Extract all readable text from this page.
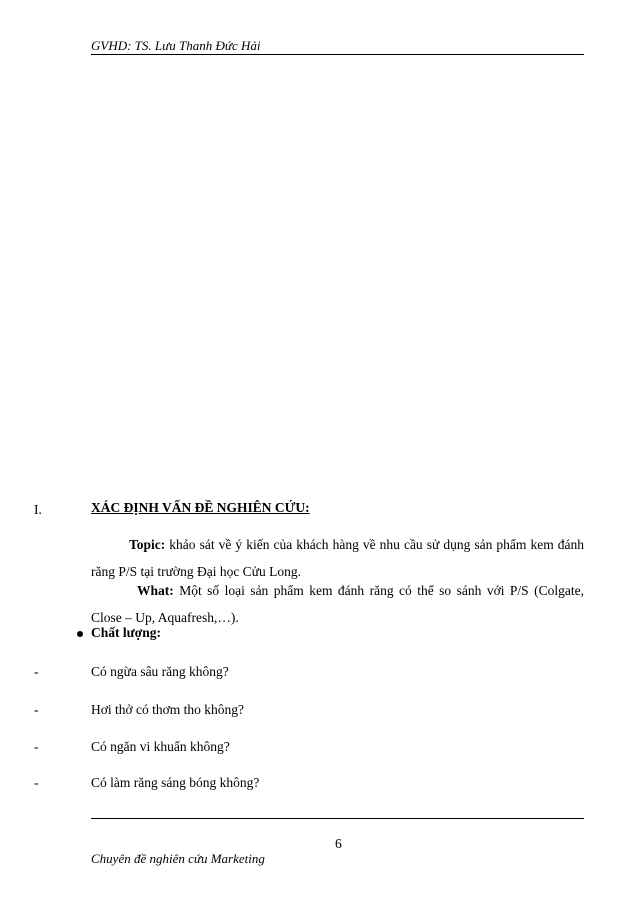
GVHD: TS. Lưu Thanh Đức Hải
I.	XÁC ĐỊNH VẤN ĐỀ NGHIÊN CỨU:
Topic: khảo sát về ý kiến của khách hàng về nhu cầu sử dụng sản phẩm kem đánh răng P/S tại trường Đại học Cửu Long.
What: Một số loại sản phẩm kem đánh răng có thể so sánh với P/S (Colgate, Close – Up, Aquafresh,…).
Chất lượng:
-	Có ngừa sâu răng không?
-	Hơi thở có thơm tho không?
-	Có ngăn vi khuẩn không?
-	Có làm răng sáng bóng không?
6
Chuyên đề nghiên cứu Marketing
